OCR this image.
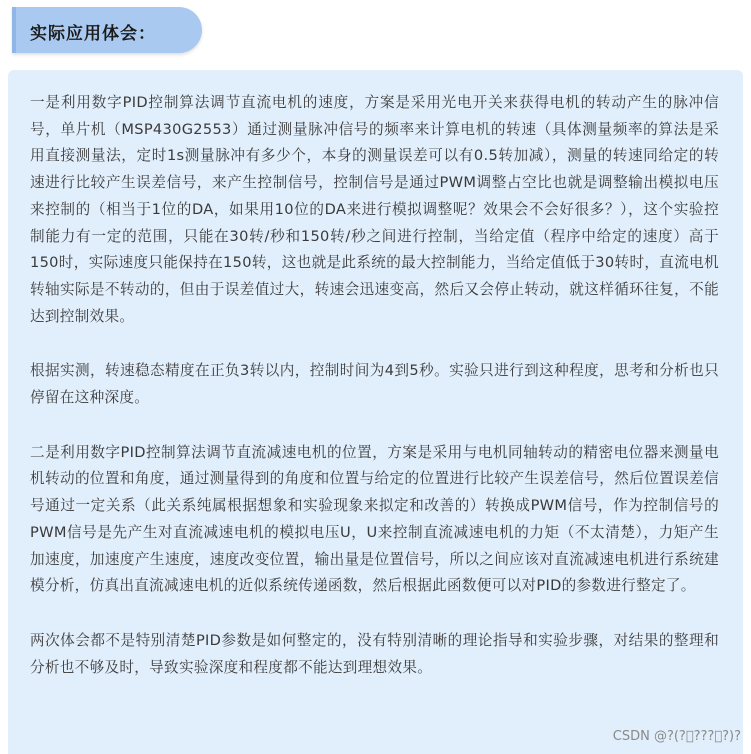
实际应用体会：

一是利用数字PID控制算法调节直流电机的速度，方案是采用光电开关来获得电机的转动产生的脉冲信号，单片机（MSP430G2553）通过测量脉冲信号的频率来计算电机的转速（具体测量频率的算法是采用直接测量法，定时1s测量脉冲有多少个，本身的测量误差可以有0.5转加减），测量的转速同给定的转速进行比较产生误差信号，来产生控制信号，控制信号是通过PWM调整占空比也就是调整输出模拟电压来控制的（相当于1位的DA，如果用10位的DA来进行模拟调整呢？效果会不会好很多？），这个实验控制能力有一定的范围，只能在30转/秒和150转/秒之间进行控制，当给定值（程序中给定的速度）高于150时，实际速度只能保持在150转，这也就是此系统的最大控制能力，当给定值低于30转时，直流电机转轴实际是不转动的，但由于误差值过大，转速会迅速变高，然后又会停止转动，就这样循环往复，不能达到控制效果。

根据实测，转速稳态精度在正负3转以内，控制时间为4到5秒。实验只进行到这种程度，思考和分析也只停留在这种深度。

二是利用数字PID控制算法调节直流减速电机的位置，方案是采用与电机同轴转动的精密电位器来测量电机转动的位置和角度，通过测量得到的角度和位置与给定的位置进行比较产生误差信号，然后位置误差信号通过一定关系（此关系纯属根据想象和实验现象来拟定和改善的）转换成PWM信号，作为控制信号的PWM信号是先产生对直流减速电机的模拟电压U，U来控制直流减速电机的力矩（不太清楚），力矩产生加速度，加速度产生速度，速度改变位置，输出量是位置信号，所以之间应该对直流减速电机进行系统建模分析，仿真出直流减速电机的近似系统传递函数，然后根据此函数便可以对PID的参数进行整定了。

两次体会都不是特别清楚PID参数是如何整定的，没有特别清晰的理论指导和实验步骤，对结果的整理和分析也不够及时，导致实验深度和程度都不能达到理想效果。

CSDN @?(?⃝???⃝?)?
